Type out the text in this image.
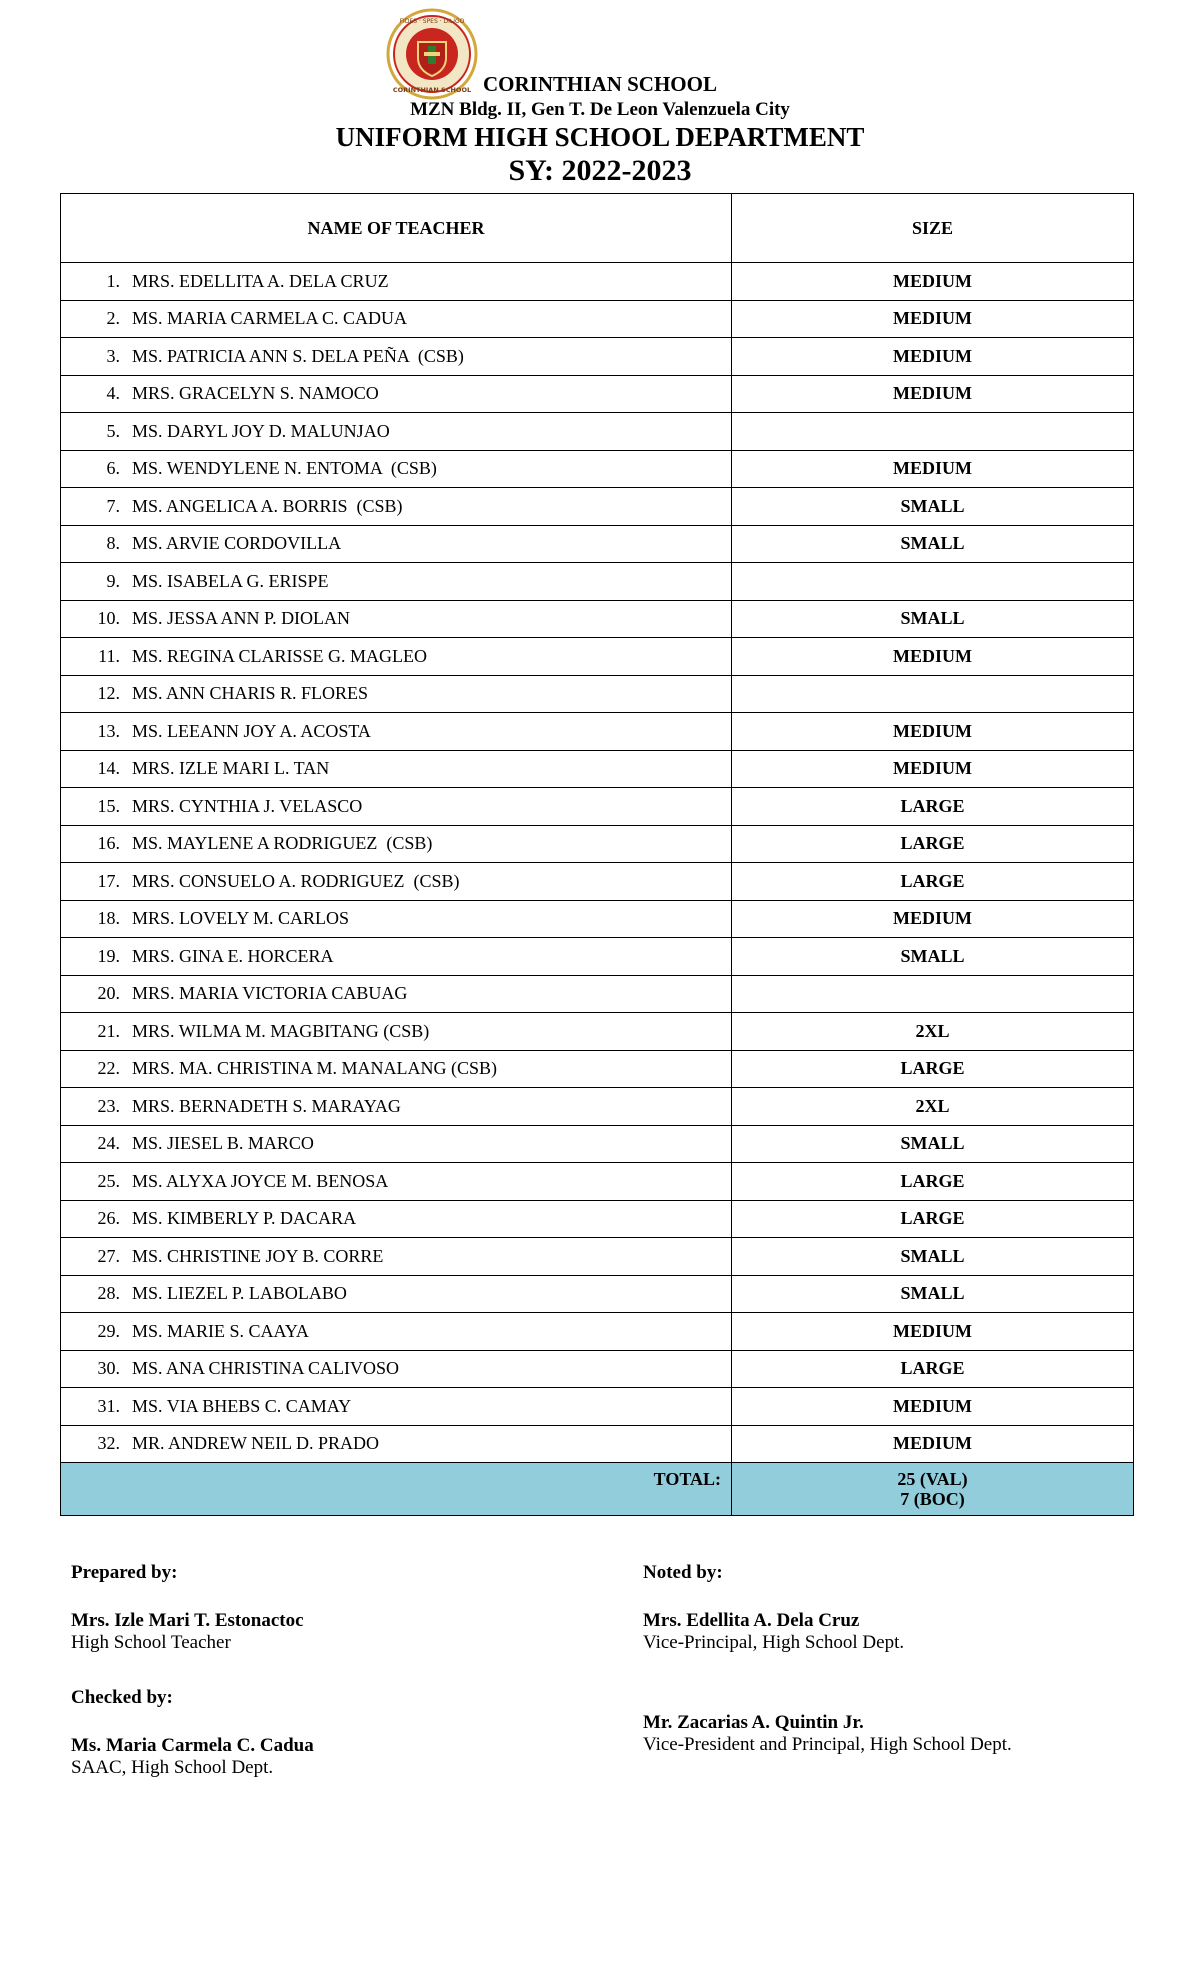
FIDES · SPES · DILIGO
CORINTHIAN SCHOOL CORINTHIAN SCHOOL
MZN Bldg. II, Gen T. De Leon Valenzuela City
UNIFORM HIGH SCHOOL DEPARTMENT
SY: 2022-2023
NAME OF TEACHER	SIZE
1. MRS. EDELLITA A. DELA CRUZ	MEDIUM
2. MS. MARIA CARMELA C. CADUA	MEDIUM
3. MS. PATRICIA ANN S. DELA PEÑA  (CSB)	MEDIUM
4. MRS. GRACELYN S. NAMOCO	MEDIUM
5. MS. DARYL JOY D. MALUNJAO	
6. MS. WENDYLENE N. ENTOMA  (CSB)	MEDIUM
7. MS. ANGELICA A. BORRIS  (CSB)	SMALL
8. MS. ARVIE CORDOVILLA	SMALL
9. MS. ISABELA G. ERISPE	
10. MS. JESSA ANN P. DIOLAN	SMALL
11. MS. REGINA CLARISSE G. MAGLEO	MEDIUM
12. MS. ANN CHARIS R. FLORES	
13. MS. LEEANN JOY A. ACOSTA	MEDIUM
14. MRS. IZLE MARI L. TAN	MEDIUM
15. MRS. CYNTHIA J. VELASCO	LARGE
16. MS. MAYLENE A RODRIGUEZ  (CSB)	LARGE
17. MRS. CONSUELO A. RODRIGUEZ  (CSB)	LARGE
18. MRS. LOVELY M. CARLOS	MEDIUM
19. MRS. GINA E. HORCERA	SMALL
20. MRS. MARIA VICTORIA CABUAG	
21. MRS. WILMA M. MAGBITANG (CSB)	2XL
22. MRS. MA. CHRISTINA M. MANALANG (CSB)	LARGE
23. MRS. BERNADETH S. MARAYAG	2XL
24. MS. JIESEL B. MARCO	SMALL
25. MS. ALYXA JOYCE M. BENOSA	LARGE
26. MS. KIMBERLY P. DACARA	LARGE
27. MS. CHRISTINE JOY B. CORRE	SMALL
28. MS. LIEZEL P. LABOLABO	SMALL
29. MS. MARIE S. CAAYA	MEDIUM
30. MS. ANA CHRISTINA CALIVOSO	LARGE
31. MS. VIA BHEBS C. CAMAY	MEDIUM
32. MR. ANDREW NEIL D. PRADO	MEDIUM
TOTAL:	25 (VAL)
7 (BOC)
Prepared by:
Mrs. Izle Mari T. Estonactoc
High School Teacher
Checked by:
Ms. Maria Carmela C. Cadua
SAAC, High School Dept.
Noted by:
Mrs. Edellita A. Dela Cruz
Vice-Principal, High School Dept.
Mr. Zacarias A. Quintin Jr.
Vice-President and Principal, High School Dept.
